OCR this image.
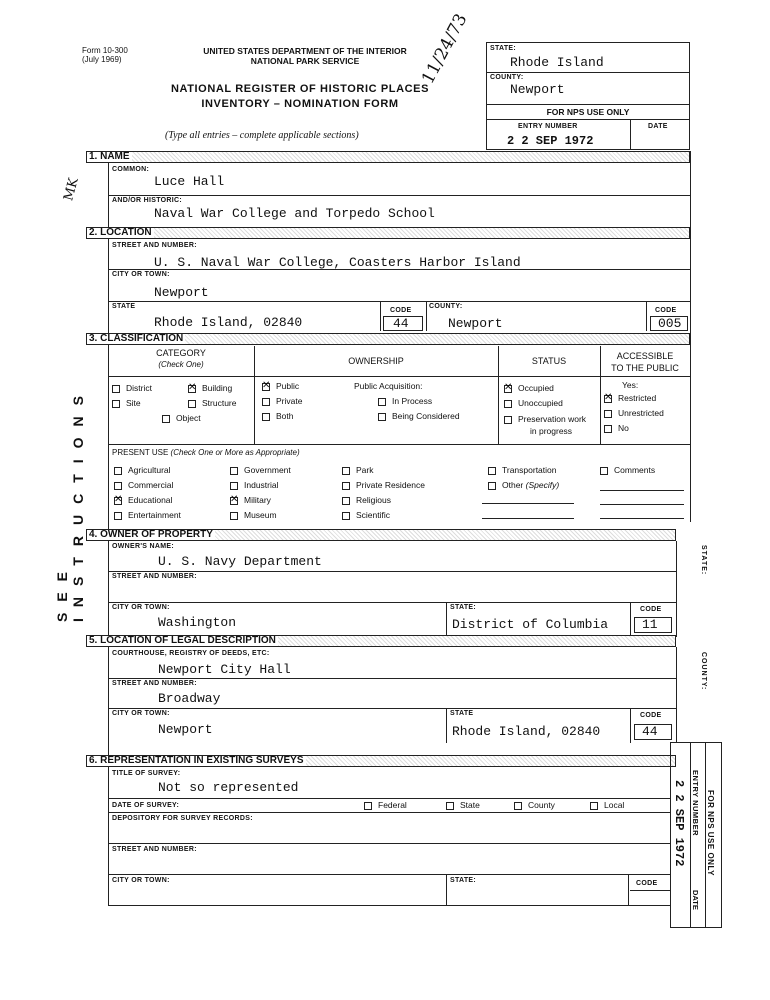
Form 10-300
(July 1969)
UNITED STATES DEPARTMENT OF THE INTERIOR
NATIONAL PARK SERVICE
NATIONAL REGISTER OF HISTORIC PLACES
INVENTORY – NOMINATION FORM
(Type all entries – complete applicable sections)
11/24/73	STATE:
Rhode Island
COUNTY:
Newport
FOR NPS USE ONLY
ENTRY NUMBER	DATE
2 2 SEP 1972
SEE INSTRUCTIONS
MK
1. NAME
COMMON:
Luce Hall
AND/OR HISTORIC:
Naval War College and Torpedo School
2. LOCATION
STREET AND NUMBER:
U. S. Naval War College, Coasters Harbor Island
CITY OR TOWN:
Newport
STATE
Rhode Island, 02840
CODE
44
COUNTY:
Newport
CODE
005
3. CLASSIFICATION
CATEGORY
(Check One)	OWNERSHIP	STATUS	ACCESSIBLE
TO THE PUBLIC
District
✕	Building
Site	Structure
Object
✕Public
Private
Both
Public Acquisition:
In Process
Being Considered
✕Occupied
Unoccupied
Preservation work
in progress
Yes:
✕Restricted
Unrestricted
No
PRESENT USE (Check One or More as Appropriate)
Agricultural
Commercial
✕Educational
Entertainment
Government
Industrial
✕Military
Museum
Park
Private Residence
Religious
Scientific
Transportation
Other (Specify)
Comments
4. OWNER OF PROPERTY
OWNER'S NAME:
U. S. Navy Department
STREET AND NUMBER:
CITY OR TOWN:
Washington
STATE:
District of Columbia
CODE
11
STATE:
5. LOCATION OF LEGAL DESCRIPTION
COURTHOUSE, REGISTRY OF DEEDS, ETC:
Newport City Hall
STREET AND NUMBER:
Broadway
CITY OR TOWN:
Newport
STATE
Rhode Island, 02840
CODE
44
COUNTY:
6. REPRESENTATION IN EXISTING SURVEYS
TITLE OF SURVEY:
Not so represented
DATE OF SURVEY:	Federal	State	County	Local
DEPOSITORY FOR SURVEY RECORDS:
STREET AND NUMBER:
CITY OR TOWN:	STATE:	CODE
ENTRY NUMBER FOR NPS USE ONLY
DATE
2 2 SEP 1972
